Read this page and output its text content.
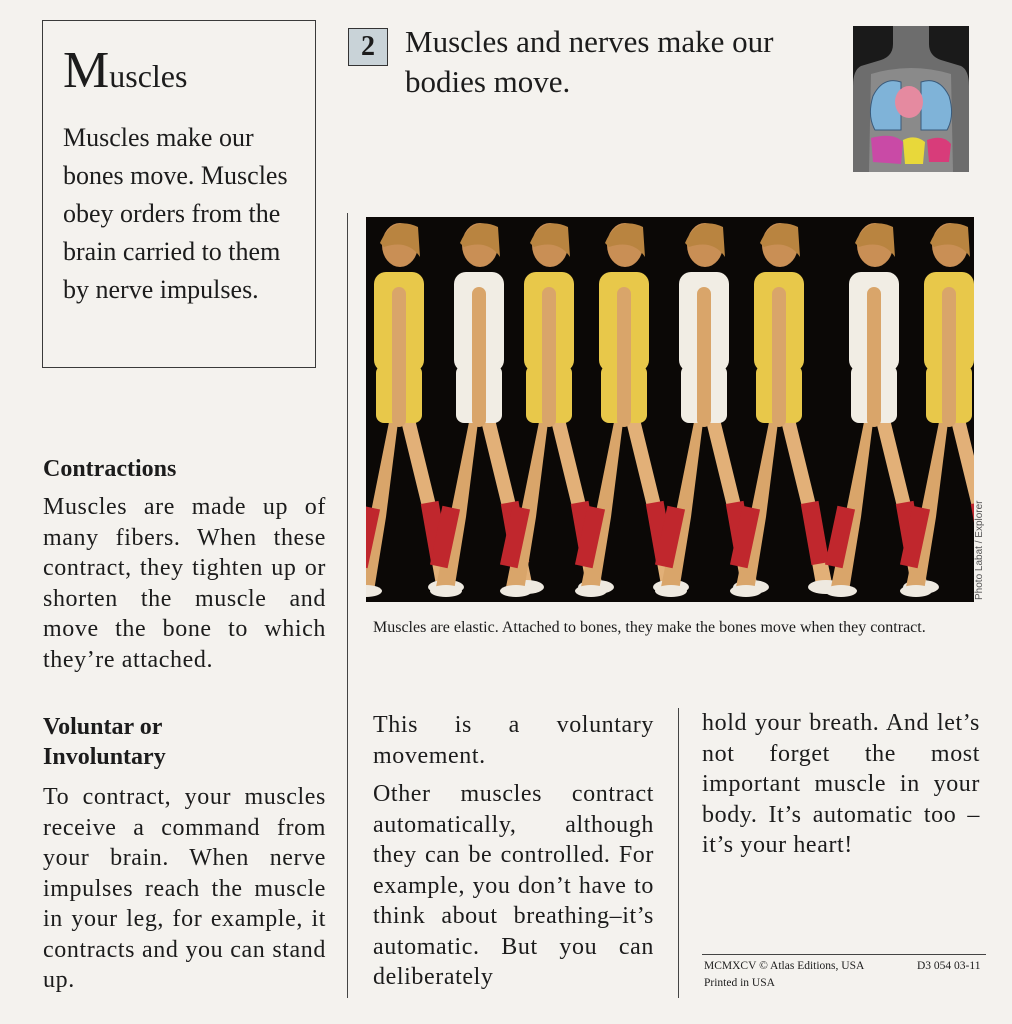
Muscles
Muscles make our bones move. Muscles obey orders from the brain carried to them by nerve impulses.
2 Muscles and nerves make our bodies move.
Photo Labat / Explorer
Muscles are elastic. Attached to bones, they make the bones move when they contract.
Contractions
Muscles are made up of many fibers. When these contract, they tighten up or shorten the muscle and move the bone to which they’re attached.
Voluntar or Involuntary
To contract, your muscles receive a command from your brain. When nerve impulses reach the muscle in your leg, for example, it contracts and you can stand up.

This is a voluntary movement.

Other muscles contract automatically, although they can be controlled. For example, you don’t have to think about breathing–it’s automatic. But you can deliberately

hold your breath. And let’s not forget the most important muscle in your body. It’s automatic too – it’s your heart!
MCMXCV © Atlas Editions, USA
Printed in USA
D3 054 03-11
